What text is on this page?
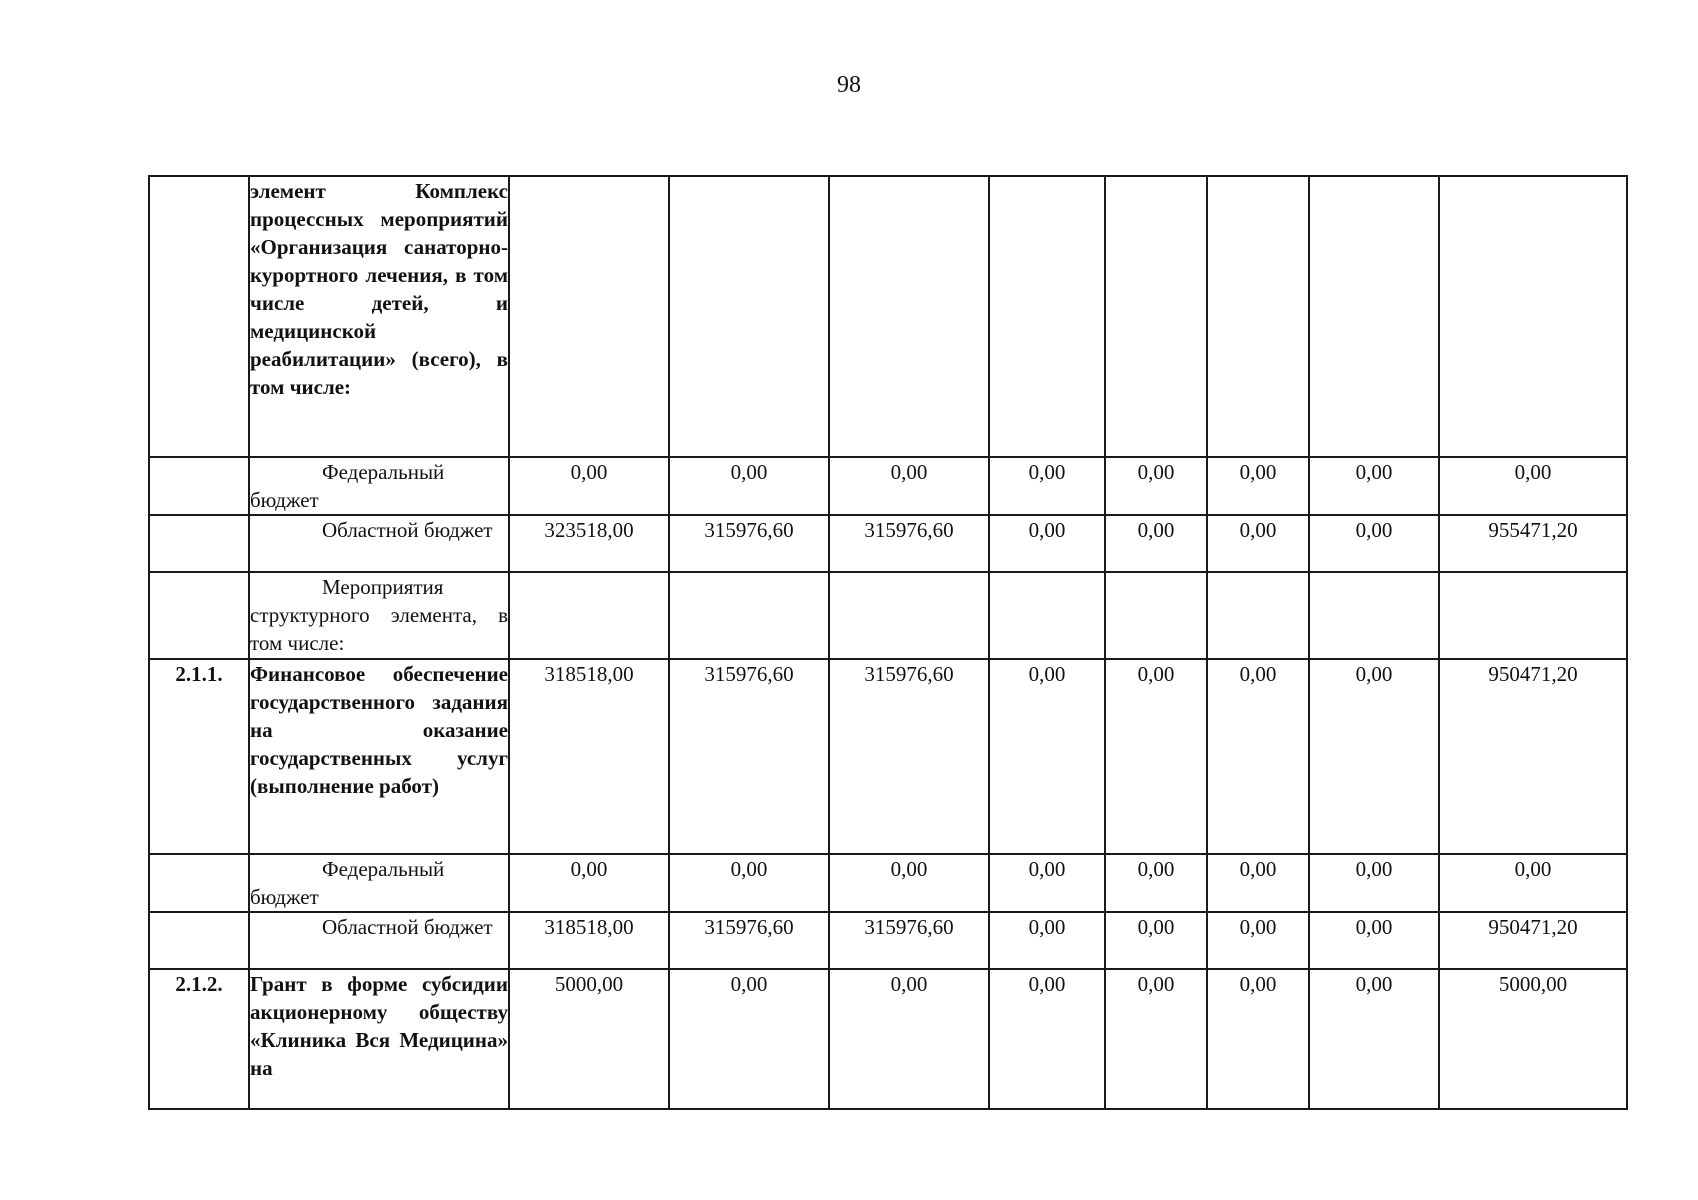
98
	элемент Комплекс процессных мероприятий «Организация санаторно-курортного лечения, в том числе детей, и медицинской реабилитации» (всего), в том числе:								
	Федеральный бюджет	0,00	0,00	0,00	0,00	0,00	0,00	0,00	0,00
	Областной бюджет	323518,00	315976,60	315976,60	0,00	0,00	0,00	0,00	955471,20
	Мероприятия структурного элемента, в том числе:								
2.1.1.	Финансовое обеспечение государственного задания на оказание государственных услуг (выполнение работ)	318518,00	315976,60	315976,60	0,00	0,00	0,00	0,00	950471,20
	Федеральный бюджет	0,00	0,00	0,00	0,00	0,00	0,00	0,00	0,00
	Областной бюджет	318518,00	315976,60	315976,60	0,00	0,00	0,00	0,00	950471,20
2.1.2.	Грант в форме субсидии акционерному обществу «Клиника Вся Медицина» на	5000,00	0,00	0,00	0,00	0,00	0,00	0,00	5000,00
